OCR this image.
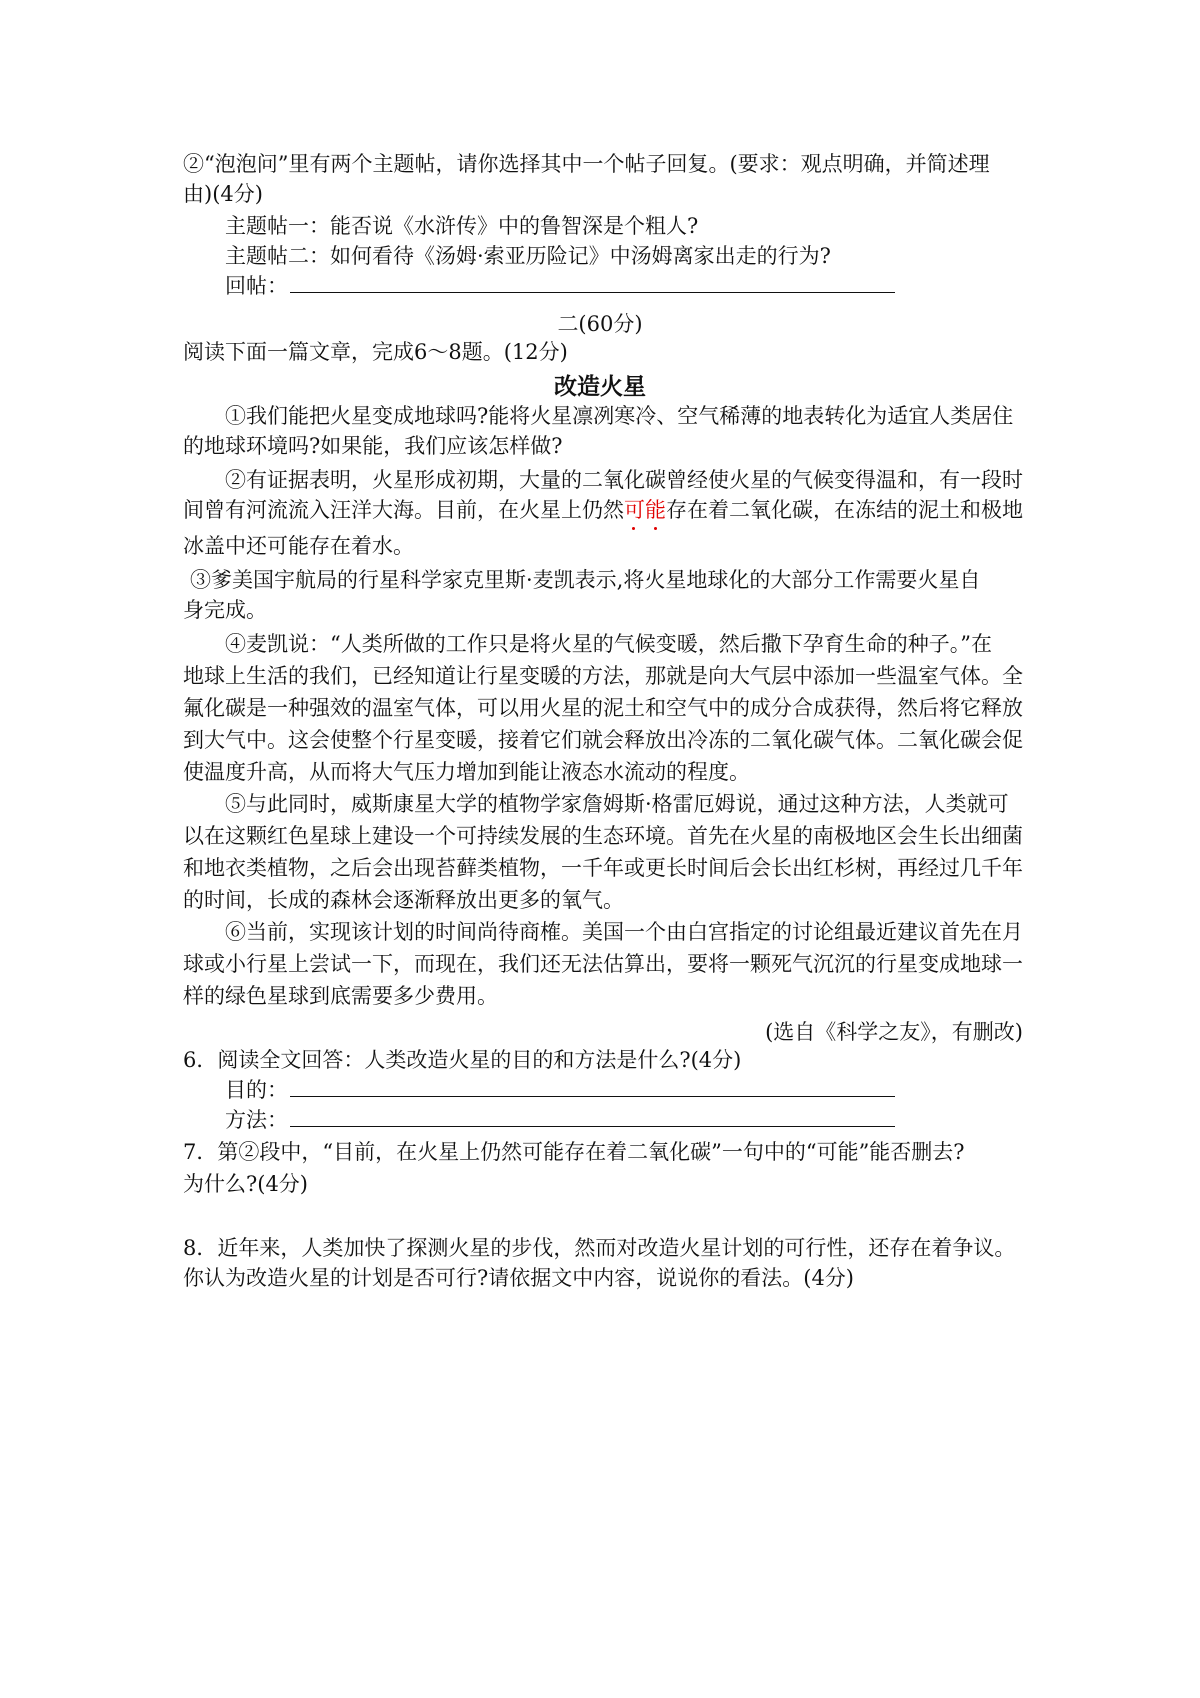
②“泡泡问”里有两个主题帖，请你选择其中一个帖子回复。(要求：观点明确，并简述理
由)(4分)
主题帖一：能否说《水浒传》中的鲁智深是个粗人?
主题帖二：如何看待《汤姆·索亚历险记》中汤姆离家出走的行为?
回帖：
二(60分)
阅读下面一篇文章，完成6～8题。(12分)
改造火星
①我们能把火星变成地球吗?能将火星凛冽寒冷、空气稀薄的地表转化为适宜人类居住
的地球环境吗?如果能，我们应该怎样做?
②有证据表明，火星形成初期，大量的二氧化碳曾经使火星的气候变得温和，有一段时
间曾有河流流入汪洋大海。目前，在火星上仍然可能
存在着二氧化碳，在冻结的泥土和极地
冰盖中还可能存在着水。
③爹美国宇航局的行星科学家克里斯·麦凯表示,将火星地球化的大部分工作需要火星自
身完成。
④麦凯说：“人类所做的工作只是将火星的气候变暖，然后撒下孕育生命的种子。”在
地球上生活的我们，已经知道让行星变暖的方法，那就是向大气层中添加一些温室气体。全
氟化碳是一种强效的温室气体，可以用火星的泥土和空气中的成分合成获得，然后将它释放
到大气中。这会使整个行星变暖，接着它们就会释放出冷冻的二氧化碳气体。二氧化碳会促
使温度升高，从而将大气压力增加到能让液态水流动的程度。
⑤与此同时，威斯康星大学的植物学家詹姆斯·格雷厄姆说，通过这种方法，人类就可
以在这颗红色星球上建设一个可持续发展的生态环境。首先在火星的南极地区会生长出细菌
和地衣类植物，之后会出现苔藓类植物，一千年或更长时间后会长出红杉树，再经过几千年
的时间，长成的森林会逐渐释放出更多的氧气。
⑥当前，实现该计划的时间尚待商榷。美国一个由白宫指定的讨论组最近建议首先在月
球或小行星上尝试一下，而现在，我们还无法估算出，要将一颗死气沉沉的行星变成地球一
样的绿色星球到底需要多少费用。
(选自《科学之友》，有删改)
6．阅读全文回答：人类改造火星的目的和方法是什么?(4分)
目的：
方法：
7．第②段中，“目前，在火星上仍然可能存在着二氧化碳”一句中的“可能”能否删去?
为什么?(4分)
8．近年来，人类加快了探测火星的步伐，然而对改造火星计划的可行性，还存在着争议。
你认为改造火星的计划是否可行?请依据文中内容，说说你的看法。(4分)
